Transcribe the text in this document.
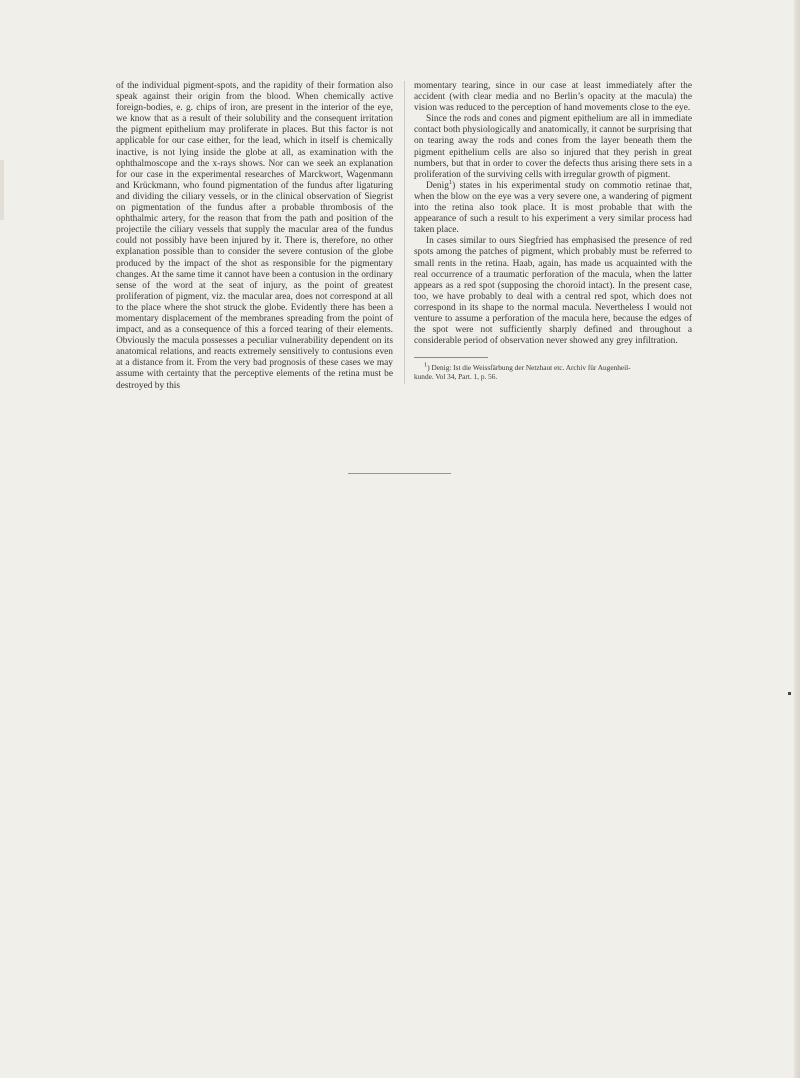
of the individual pigment-spots, and the rapidity of their formation also speak against their origin from the blood. When chemically active foreign-bodies, e. g. chips of iron, are present in the interior of the eye, we know that as a result of their solubility and the consequent irritation the pigment epithelium may proliferate in places. But this factor is not applicable for our case either, for the lead, which in itself is chemically inactive, is not lying inside the globe at all, as examination with the ophthalmoscope and the x-rays shows. Nor can we seek an explanation for our case in the experimental researches of Marckwort, Wagenmann and Krückmann, who found pigmentation of the fundus after ligaturing and dividing the ciliary vessels, or in the clinical observation of Siegrist on pigmentation of the fundus after a probable thrombosis of the ophthalmic artery, for the reason that from the path and position of the projectile the ciliary vessels that supply the macular area of the fundus could not possibly have been injured by it. There is, therefore, no other explanation possible than to consider the severe contusion of the globe produced by the impact of the shot as responsible for the pigmentary changes. At the same time it cannot have been a contusion in the ordinary sense of the word at the seat of injury, as the point of greatest proliferation of pigment, viz. the macular area, does not correspond at all to the place where the shot struck the globe. Evidently there has been a momentary displacement of the membranes spreading from the point of impact, and as a consequence of this a forced tearing of their elements. Obviously the macula possesses a peculiar vulnerability dependent on its anatomical relations, and reacts extremely sensitively to contusions even at a distance from it. From the very bad prognosis of these cases we may assume with certainty that the perceptive elements of the retina must be destroyed by this

momentary tearing, since in our case at least immediately after the accident (with clear media and no Berlin’s opacity at the macula) the vision was reduced to the perception of hand movements close to the eye.

Since the rods and cones and pigment epithelium are all in immediate contact both physiologically and anatomically, it cannot be surprising that on tearing away the rods and cones from the layer beneath them the pigment epithelium cells are also so injured that they perish in great numbers, but that in order to cover the defects thus arising there sets in a proliferation of the surviving cells with irregular growth of pigment.

Denig$^1$) states in his experimental study on commotio retinae that, when the blow on the eye was a very severe one, a wandering of pigment into the retina also took place. It is most probable that with the appearance of such a result to his experiment a very similar process had taken place.

In cases similar to ours Siegfried has emphasised the presence of red spots among the patches of pigment, which probably must be referred to small rents in the retina. Haab, again, has made us acquainted with the real occurrence of a traumatic perforation of the macula, when the latter appears as a red spot (supposing the choroid intact). In the present case, too, we have probably to deal with a central red spot, which does not correspond in its shape to the normal macula. Nevertheless I would not venture to assume a perforation of the macula here, because the edges of the spot were not sufficiently sharply defined and throughout a considerable period of observation never showed any grey infiltration.

$^1$) Denig: Ist die Weissfärbung der Netzhaut etc. Archiv für Augenheil-
kunde. Vol 34, Part. 1, p. 56.
